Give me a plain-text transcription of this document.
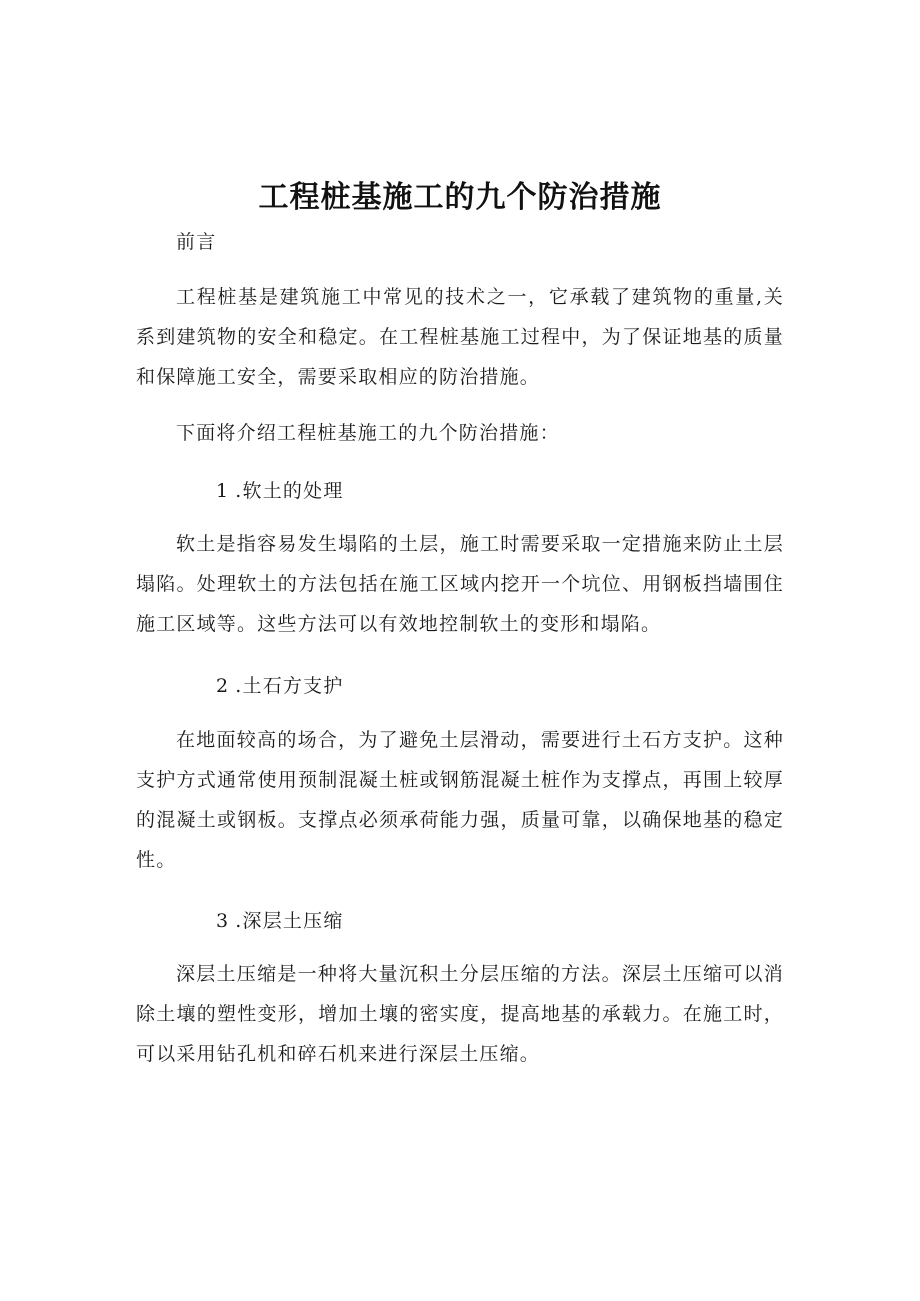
工程桩基施工的九个防治措施

前言

工程桩基是建筑施工中常见的技术之一，它承载了建筑物的重量,关系到建筑物的安全和稳定。在工程桩基施工过程中，为了保证地基的质量和保障施工安全，需要采取相应的防治措施。

下面将介绍工程桩基施工的九个防治措施：

1 .软土的处理

软土是指容易发生塌陷的土层，施工时需要采取一定措施来防止土层塌陷。处理软土的方法包括在施工区域内挖开一个坑位、用钢板挡墙围住施工区域等。这些方法可以有效地控制软土的变形和塌陷。

2 .土石方支护

在地面较高的场合，为了避免土层滑动，需要进行土石方支护。这种支护方式通常使用预制混凝土桩或钢筋混凝土桩作为支撑点，再围上较厚的混凝土或钢板。支撑点必须承荷能力强，质量可靠，以确保地基的稳定性。

3 .深层土压缩

深层土压缩是一种将大量沉积土分层压缩的方法。深层土压缩可以消除土壤的塑性变形，增加土壤的密实度，提高地基的承载力。在施工时，可以采用钻孔机和碎石机来进行深层土压缩。
